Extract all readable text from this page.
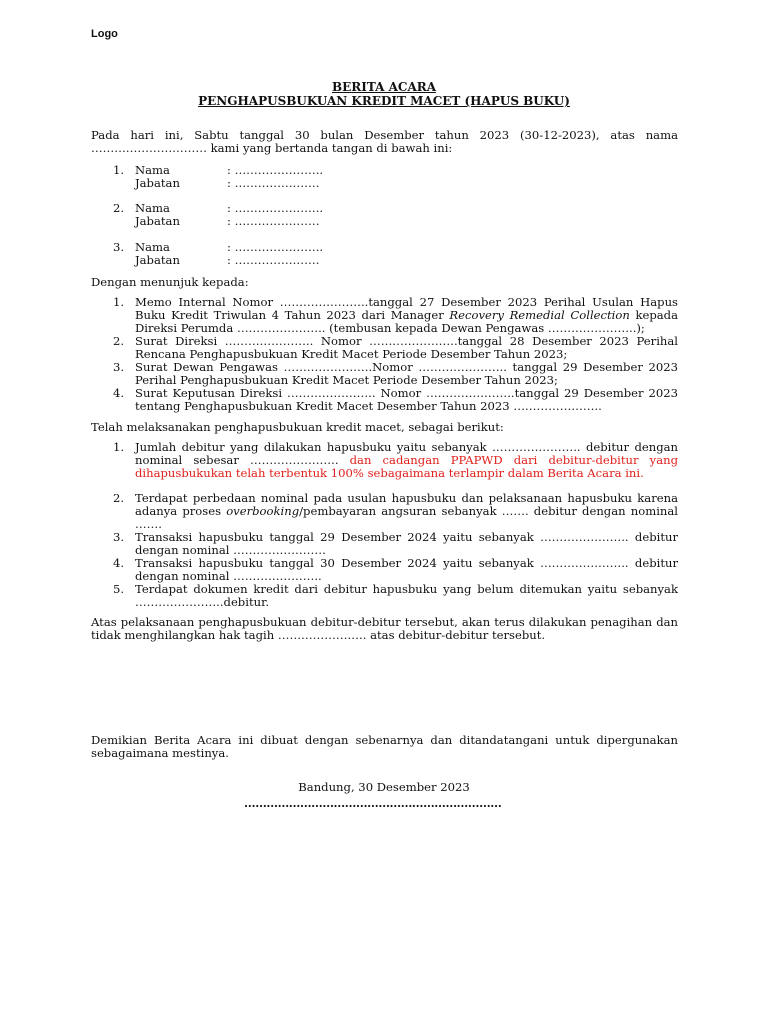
Logo
BERITA ACARA
PENGHAPUSBUKUAN KREDIT MACET (HAPUS BUKU)
Pada hari ini, Sabtu tanggal 30 bulan Desember tahun 2023 (30-12-2023), atas nama ………………………… kami yang bertanda tangan di bawah ini:
1. Nama	: …………………..
Jabatan	: ………………….
2. Nama	: …………………..
Jabatan	: ………………….
3. Nama	: …………………..
Jabatan	: ………………….
Dengan menunjuk kepada:
1. Memo Internal Nomor …………………..tanggal 27 Desember 2023 Perihal Usulan Hapus Buku Kredit Triwulan 4 Tahun 2023 dari Manager Recovery Remedial Collection kepada Direksi Perumda ………………….. (tembusan kepada Dewan Pengawas …………………..);
2. Surat Direksi ………………….. Nomor …………………..tanggal 28 Desember 2023 Perihal Rencana Penghapusbukuan Kredit Macet Periode Desember Tahun 2023;
3. Surat Dewan Pengawas …………………..Nomor ………………….. tanggal 29 Desember 2023 Perihal Penghapusbukuan Kredit Macet Periode Desember Tahun 2023;
4. Surat Keputusan Direksi ………………….. Nomor …………………..tanggal 29 Desember 2023 tentang Penghapusbukuan Kredit Macet Desember Tahun 2023 …………………..
Telah melaksanakan penghapusbukuan kredit macet, sebagai berikut:
1. Jumlah debitur yang dilakukan hapusbuku yaitu sebanyak ………………….. debitur dengan nominal sebesar ………………….. dan cadangan PPAPWD dari debitur-debitur yang dihapusbukukan telah terbentuk 100% sebagaimana terlampir dalam Berita Acara ini.
2. Terdapat perbedaan nominal pada usulan hapusbuku dan pelaksanaan hapusbuku karena adanya proses overbooking/pembayaran angsuran sebanyak ……. debitur dengan nominal …….
3. Transaksi hapusbuku tanggal 29 Desember 2024 yaitu sebanyak ………………….. debitur dengan nominal ……………………
4. Transaksi hapusbuku tanggal 30 Desember 2024 yaitu sebanyak ………………….. debitur dengan nominal …………………..
5. Terdapat dokumen kredit dari debitur hapusbuku yang belum ditemukan yaitu sebanyak …………………..debitur.
Atas pelaksanaan penghapusbukuan debitur-debitur tersebut, akan terus dilakukan penagihan dan tidak menghilangkan hak tagih ………………….. atas debitur-debitur tersebut.
Demikian Berita Acara ini dibuat dengan sebenarnya dan ditandatangani untuk dipergunakan sebagaimana mestinya.
Bandung, 30 Desember 2023
……………………………………………………………
